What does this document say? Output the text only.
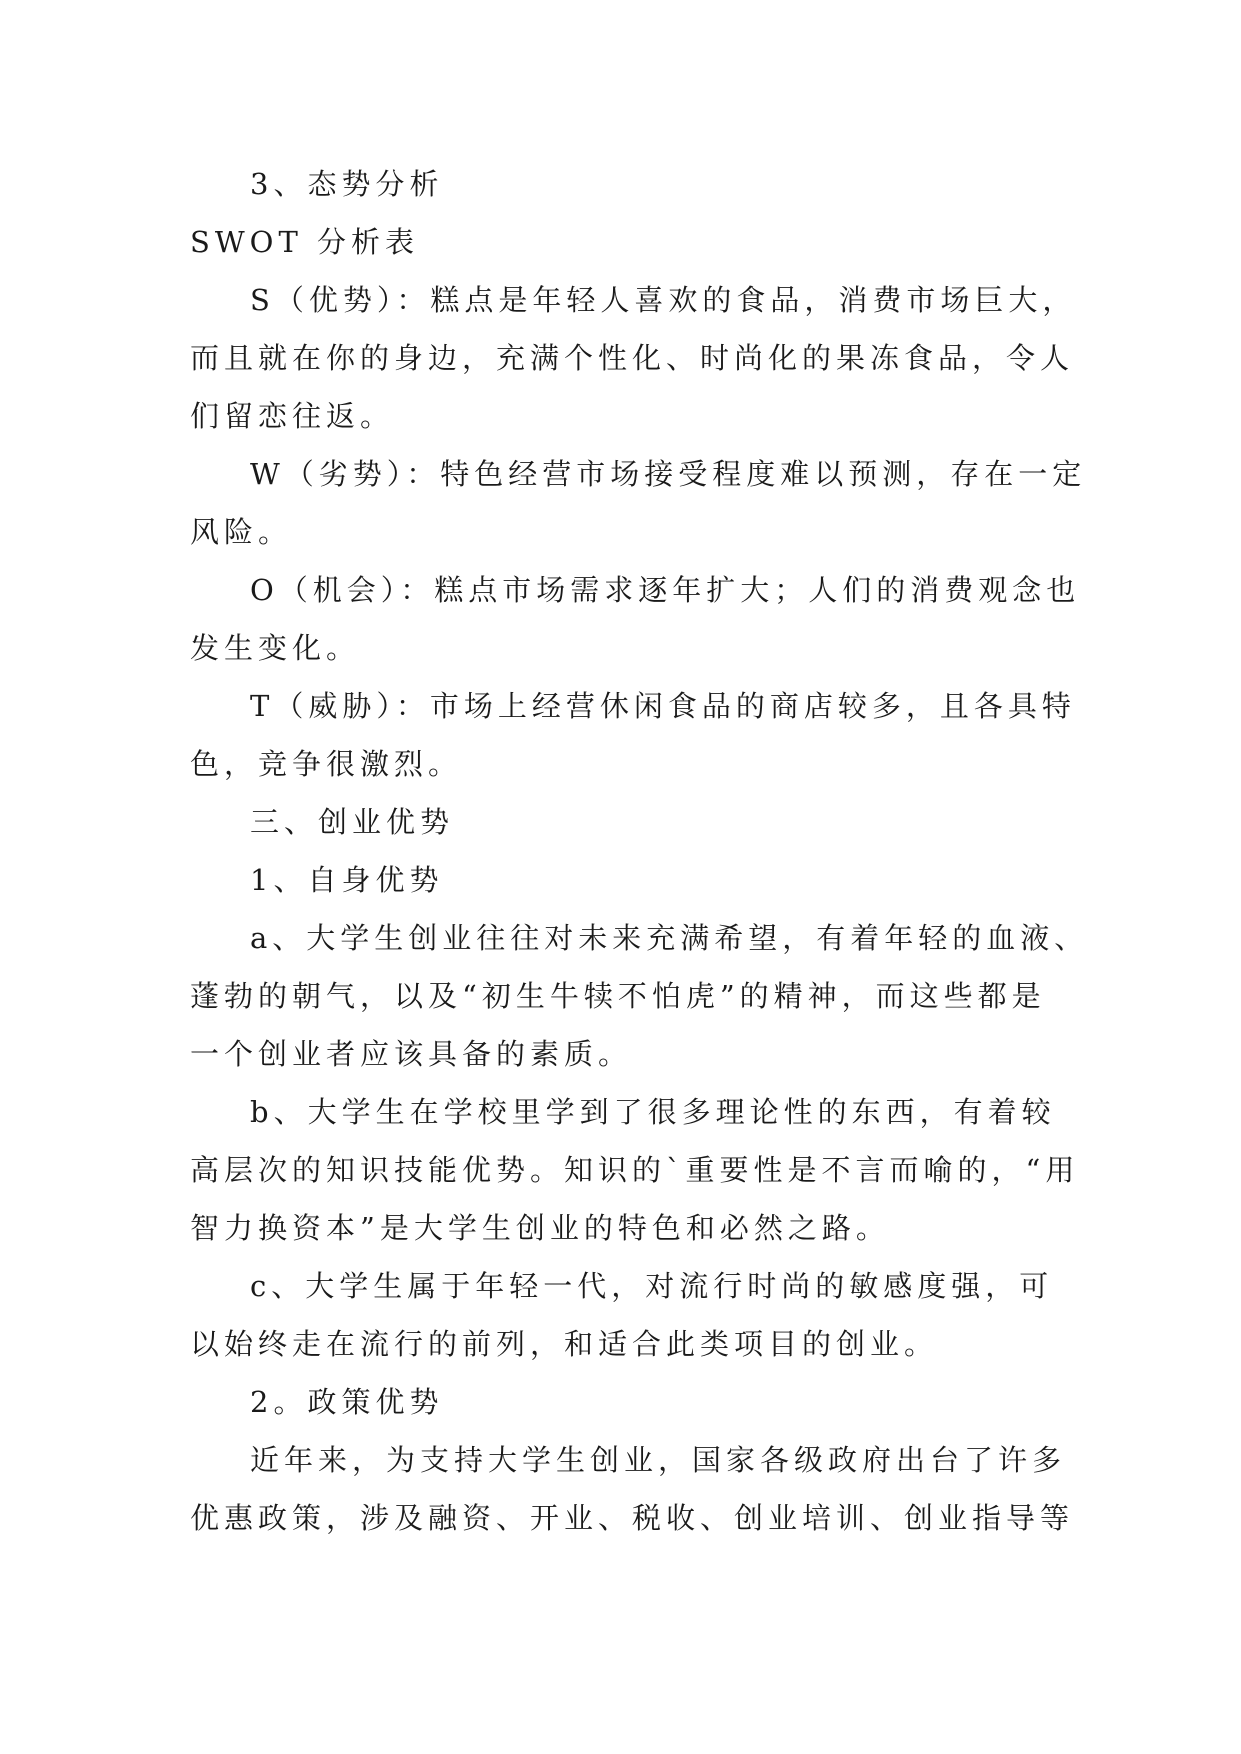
3、态势分析
SWOT 分析表
S（优势）：糕点是年轻人喜欢的食品，消费市场巨大，
而且就在你的身边，充满个性化、时尚化的果冻食品，令人
们留恋往返。
W（劣势）：特色经营市场接受程度难以预测，存在一定
风险。
O（机会）：糕点市场需求逐年扩大；人们的消费观念也
发生变化。
T（威胁）：市场上经营休闲食品的商店较多，且各具特
色，竞争很激烈。
三、创业优势
1、自身优势
a、大学生创业往往对未来充满希望，有着年轻的血液、
蓬勃的朝气，以及“初生牛犊不怕虎”的精神，而这些都是
一个创业者应该具备的素质。
b、大学生在学校里学到了很多理论性的东西，有着较
高层次的知识技能优势。知识的`重要性是不言而喻的，“用
智力换资本”是大学生创业的特色和必然之路。
c、大学生属于年轻一代，对流行时尚的敏感度强，可
以始终走在流行的前列，和适合此类项目的创业。
2。政策优势
近年来，为支持大学生创业，国家各级政府出台了许多
优惠政策，涉及融资、开业、税收、创业培训、创业指导等
